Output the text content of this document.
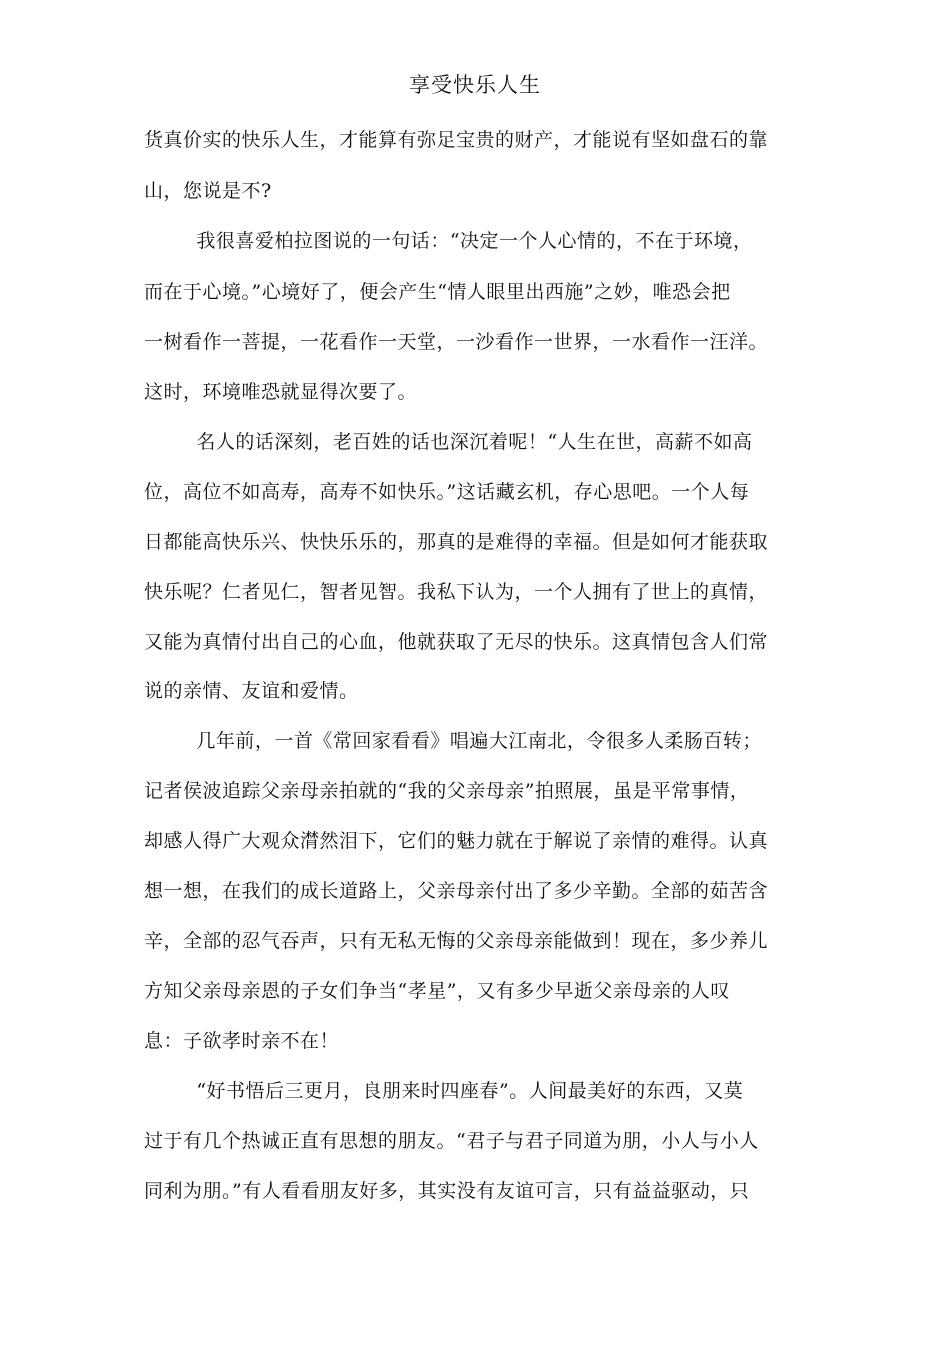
享受快乐人生
货真价实的快乐人生，才能算有弥足宝贵的财产，才能说有坚如盘石的靠
山，您说是不?
我很喜爱柏拉图说的一句话：“决定一个人心情的，不在于环境，
而在于心境。”心境好了，便会产生“情人眼里出西施”之妙，唯恐会把
一树看作一菩提，一花看作一天堂，一沙看作一世界，一水看作一汪洋。
这时，环境唯恐就显得次要了。
名人的话深刻，老百姓的话也深沉着呢！“人生在世，高薪不如高
位，高位不如高寿，高寿不如快乐。”这话藏玄机，存心思吧。一个人每
日都能高快乐兴、快快乐乐的，那真的是难得的幸福。但是如何才能获取
快乐呢？仁者见仁，智者见智。我私下认为，一个人拥有了世上的真情，
又能为真情付出自己的心血，他就获取了无尽的快乐。这真情包含人们常
说的亲情、友谊和爱情。
几年前，一首《常回家看看》唱遍大江南北，令很多人柔肠百转；
记者侯波追踪父亲母亲拍就的“我的父亲母亲”拍照展，虽是平常事情，
却感人得广大观众潸然泪下，它们的魅力就在于解说了亲情的难得。认真
想一想，在我们的成长道路上，父亲母亲付出了多少辛勤。全部的茹苦含
辛，全部的忍气吞声，只有无私无悔的父亲母亲能做到！现在，多少养儿
方知父亲母亲恩的子女们争当“孝星”，又有多少早逝父亲母亲的人叹
息：子欲孝时亲不在！
“好书悟后三更月，良朋来时四座春”。人间最美好的东西，又莫
过于有几个热诚正直有思想的朋友。“君子与君子同道为朋，小人与小人
同利为朋。”有人看看朋友好多，其实没有友谊可言，只有益益驱动，只
